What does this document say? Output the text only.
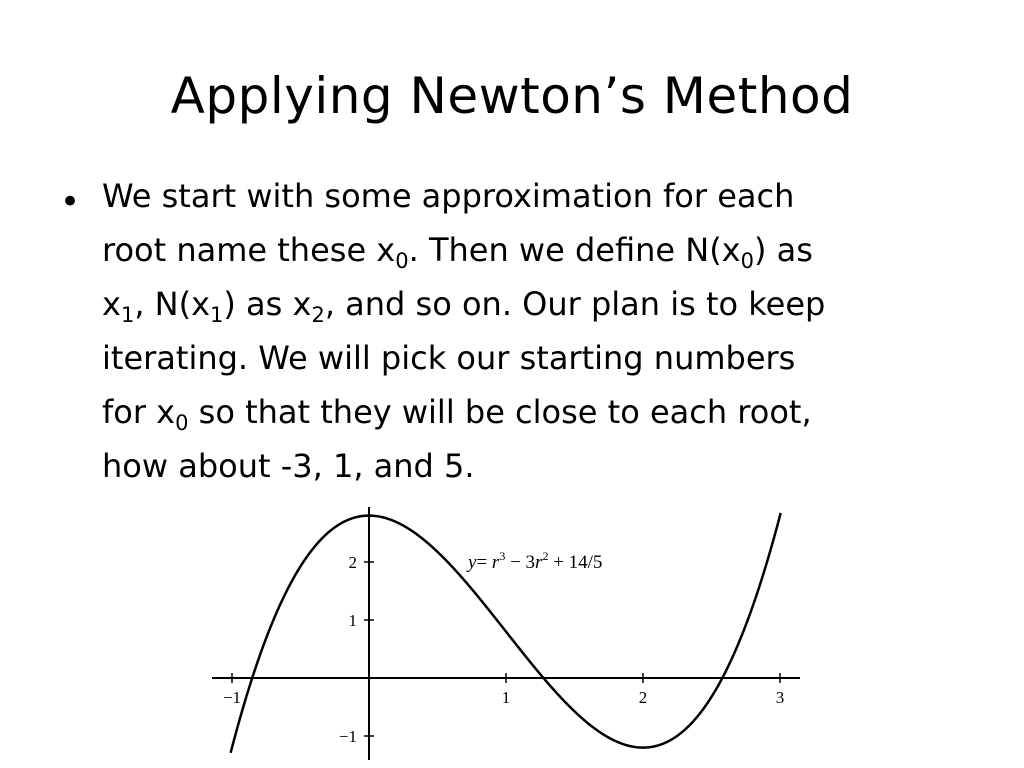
Applying Newton’s Method
• We start with some approximation for each
root name these $x_0$. Then we define $N(x_0)$ as
$x_1$, $N(x_1)$ as $x_2$, and so on. Our plan is to keep
iterating. We will pick our starting numbers
for $x_0$ so that they will be close to each root,
how about -3, 1, and 5.
−1	1	2	3
2
1
−1
$y= r^3 - 3r^2 + 14/5$
